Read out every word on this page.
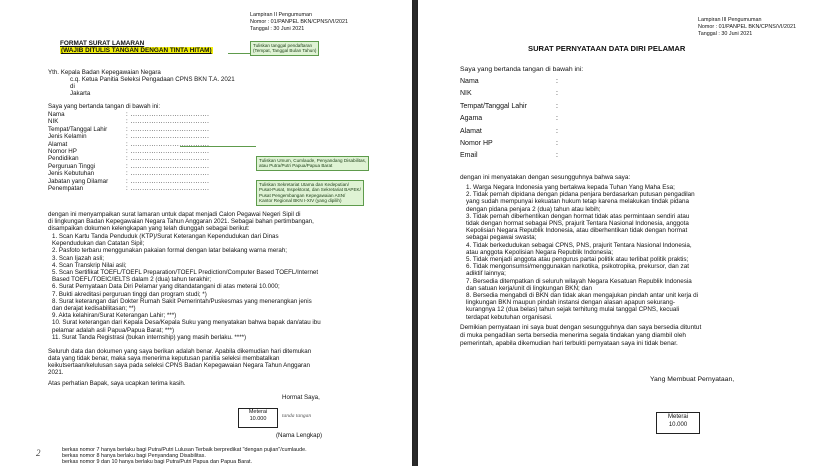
Lampiran II Pengumuman
Nomor : 01/PANPEL BKN/CPNS/VI/2021
Tanggal : 30 Juni 2021
FORMAT SURAT LAMARAN
(WAJIB DITULIS TANGAN DENGAN TINTA HITAM)
Tuliskan tanggal pendaftaran
(Tempat, Tanggal Bulan Tahun)
Yth. Kepala Badan Kepegawaian Negara
c.q. Ketua Panitia Seleksi Pengadaan CPNS BKN T.A. 2021
di
Jakarta
Saya yang bertanda tangan di bawah ini:
Nama	: ..................................
NIK	: ..................................
Tempat/Tanggal Lahir	: ..................................
Jenis Kelamin	: ..................................
Alamat	: ..................................
Nomor HP	: ..................................
Pendidikan	: ..................................
Perguruan Tinggi	: ..................................
Jenis Kebutuhan	: ..................................
Jabatan yang Dilamar	: ..................................
Penempatan	: ..................................
Tuliskan Umum, Cumlaude, Penyandang Disabilitas,
atau Putra/Putri Papua/Papua Barat
Tuliskan Sekretariat Utama dan Kedeputian/
Pusat-Pusat, Inspektorat, dan Sekretariat BAPEK/
Pusat Pengembangan Kepegawaian ASN/
Kantor Regional BKN I-XIV (yang dipilih)
dengan ini menyampaikan surat lamaran untuk dapat menjadi Calon Pegawai Negeri Sipil di
di lingkungan Badan Kepegawaian Negara Tahun Anggaran 2021. Sebagai bahan pertimbangan,
disampaikan dokumen kelengkapan yang telah diunggah sebagai berikut:
1. Scan Kartu Tanda Penduduk (KTP)/Surat Keterangan Kependudukan dari Dinas
Kependudukan dan Catatan Sipil;
2. Pasfoto terbaru menggunakan pakaian formal dengan latar belakang warna merah;
3. Scan Ijazah asli;
4. Scan Transkrip Nilai asli;
5. Scan Sertifikat TOEFL/TOEFL Preparation/TOEFL Prediction/Computer Based TOEFL/Internet
Based TOEFL/TOEIC/IELTS dalam 2 (dua) tahun terakhir;
6. Surat Pernyataan Data Diri Pelamar yang ditandatangani di atas meterai 10.000;
7. Bukti akreditasi perguruan tinggi dan program studi; *)
8. Surat keterangan dari Dokter Rumah Sakit Pemerintah/Puskesmas yang menerangkan jenis
dan derajat kedisabilitasan; **)
9. Akta kelahiran/Surat Keterangan Lahir; ***)
10. Surat keterangan dari Kepala Desa/Kepala Suku yang menyatakan bahwa bapak dan/atau ibu
pelamar adalah asli Papua/Papua Barat; ***)
11. Surat Tanda Registrasi (bukan internship) yang masih berlaku. ****)
Seluruh data dan dokumen yang saya berikan adalah benar. Apabila dikemudian hari ditemukan
data yang tidak benar, maka saya menerima keputusan panitia seleksi membatalkan
keikutsertaan/kelulusan saya pada seleksi CPNS Badan Kepegawaian Negara Tahun Anggaran
2021.
Atas perhatian Bapak, saya ucapkan terima kasih.
Hormat Saya,
Meterai
10.000	tanda tangan
(Nama Lengkap)
2	berkas nomor 7 hanya berlaku bagi Putra/Putri Lulusan Terbaik berpredikat "dengan pujian"/cumlaude.
berkas nomor 8 hanya berlaku bagi Penyandang Disabilitas.
berkas nomor 9 dan 10 hanya berlaku bagi Putra/Putri Papua dan Papua Barat.
Lampiran III Pengumuman
Nomor : 01/PANPEL BKN/CPNS/VI/2021
Tanggal : 30 Juni 2021
SURAT PERNYATAAN DATA DIRI PELAMAR
Saya yang bertanda tangan di bawah ini:
Nama	:
NIK	:
Tempat/Tanggal Lahir	:
Agama	:
Alamat	:
Nomor HP	:
Email	:
dengan ini menyatakan dengan sesungguhnya bahwa saya:
1. Warga Negara Indonesia yang bertakwa kepada Tuhan Yang Maha Esa;
2. Tidak pernah dipidana dengan pidana penjara berdasarkan putusan pengadilan
yang sudah mempunyai kekuatan hukum tetap karena melakukan tindak pidana
dengan pidana penjara 2 (dua) tahun atau lebih;
3. Tidak pernah diberhentikan dengan hormat tidak atas permintaan sendiri atau
tidak dengan hormat sebagai PNS, prajurit Tentara Nasional Indonesia, anggota
Kepolisian Negara Republik Indonesia, atau diberhentikan tidak dengan hormat
sebagai pegawai swasta;
4. Tidak berkedudukan sebagai CPNS, PNS, prajurit Tentara Nasional Indonesia,
atau anggota Kepolisian Negara Republik Indonesia;
5. Tidak menjadi anggota atau pengurus partai politik atau terlibat politik praktis;
6. Tidak mengonsumsi/menggunakan narkotika, psikotropika, prekursor, dan zat
adiktif lainnya;
7. Bersedia ditempatkan di seluruh wilayah Negara Kesatuan Republik Indonesia
dan satuan kerja/unit di lingkungan BKN; dan
8. Bersedia mengabdi di BKN dan tidak akan mengajukan pindah antar unit kerja di
lingkungan BKN maupun pindah instansi dengan alasan apapun sekurang-
kurangnya 12 (dua belas) tahun sejak terhitung mulai tanggal CPNS, kecuali
terdapat kebutuhan organisasi.
Demikian pernyataan ini saya buat dengan sesungguhnya dan saya bersedia dituntut
di muka pengadilan serta bersedia menerima segala tindakan yang diambil oleh
pemerintah, apabila dikemudian hari terbukti pernyataan saya ini tidak benar.
Yang Membuat Pernyataan,
Meterai
10.000
